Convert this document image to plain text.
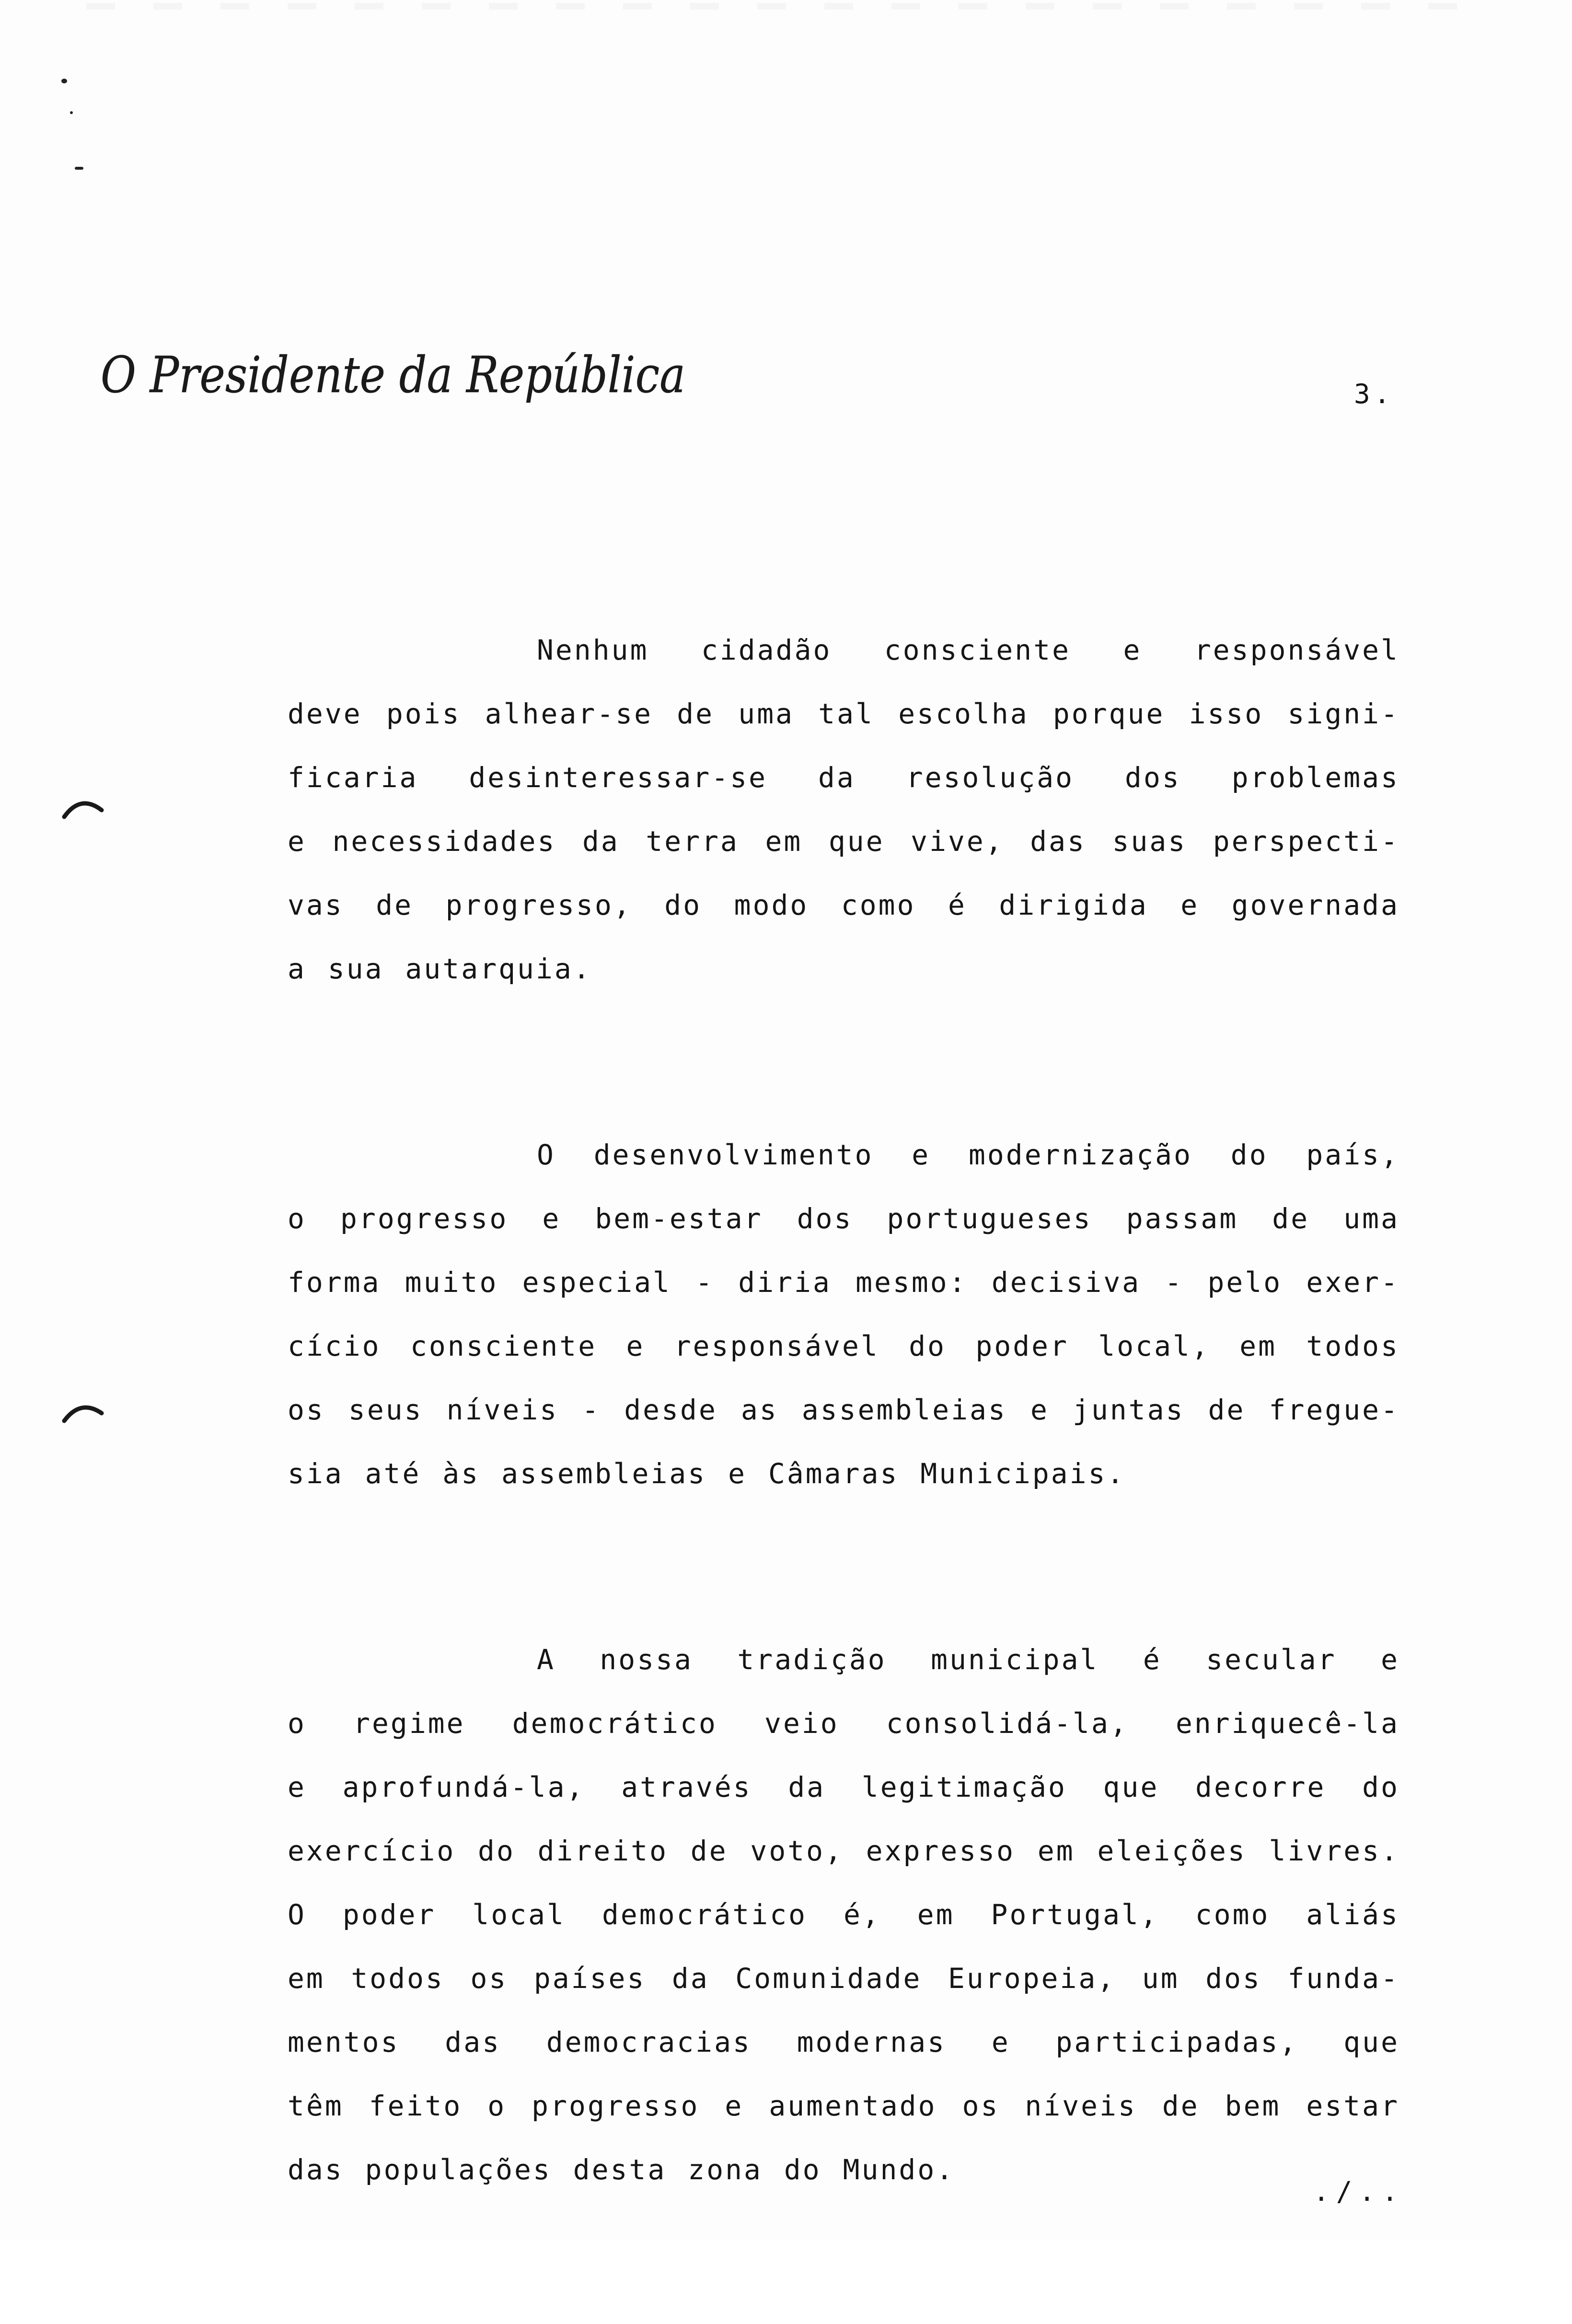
O Presidente da República	3.
Nenhum cidadão consciente e responsável
deve pois alhear-se de uma tal escolha porque isso signi-
ficaria desinteressar-se da resolução dos problemas
e necessidades da terra em que vive, das suas perspecti-
vas de progresso, do modo como é dirigida e governada
a sua autarquia.
O desenvolvimento e modernização do país,
o progresso e bem-estar dos portugueses passam de uma
forma muito especial - diria mesmo: decisiva - pelo exer-
cício consciente e responsável do poder local, em todos
os seus níveis - desde as assembleias e juntas de fregue-
sia até às assembleias e Câmaras Municipais.
A nossa tradição municipal é secular e
o regime democrático veio consolidá-la, enriquecê-la
e aprofundá-la, através da legitimação que decorre do
exercício do direito de voto, expresso em eleições livres.
O poder local democrático é, em Portugal, como aliás
em todos os países da Comunidade Europeia, um dos funda-
mentos das democracias modernas e participadas, que
têm feito o progresso e aumentado os níveis de bem estar
das populações desta zona do Mundo.
./..
